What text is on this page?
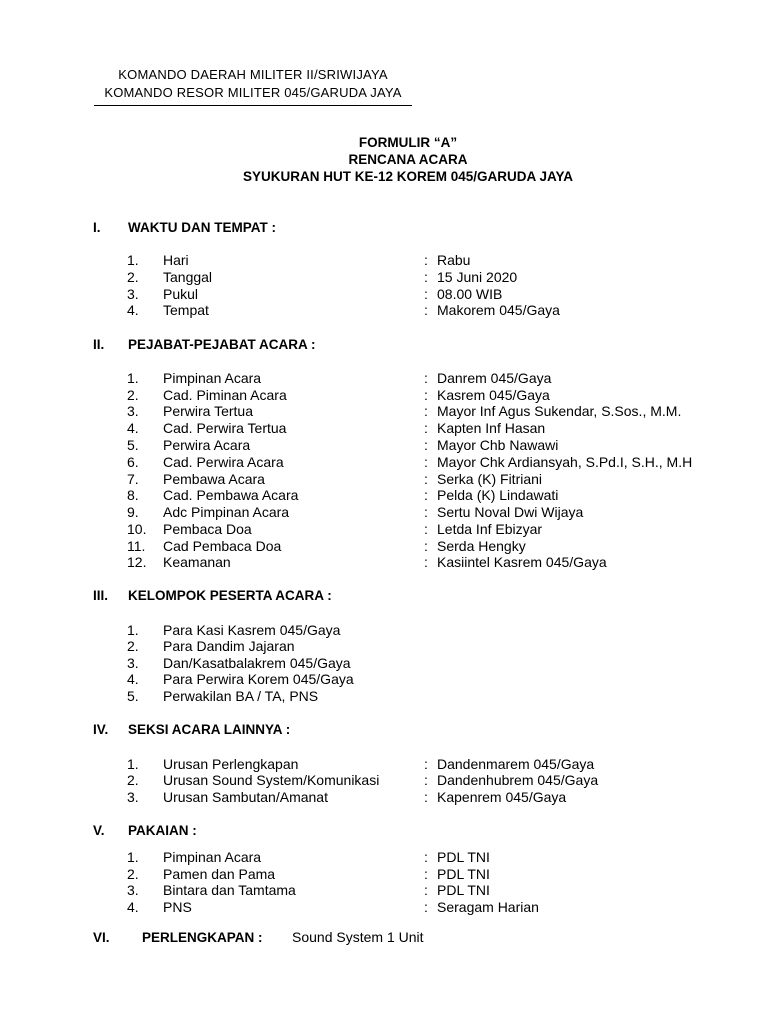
KOMANDO DAERAH MILITER II/SRIWIJAYA
KOMANDO RESOR MILITER 045/GARUDA JAYA
FORMULIR “A”
RENCANA ACARA
SYUKURAN HUT KE-12 KOREM 045/GARUDA JAYA
I. WAKTU DAN TEMPAT :
1. Hari	: Rabu
2. Tanggal	: 15 Juni 2020
3. Pukul	: 08.00 WIB
4. Tempat	: Makorem 045/Gaya
II. PEJABAT-PEJABAT ACARA :
1. Pimpinan Acara	: Danrem 045/Gaya
2. Cad. Piminan Acara	: Kasrem 045/Gaya
3. Perwira Tertua	: Mayor Inf Agus Sukendar, S.Sos., M.M.
4. Cad. Perwira Tertua	: Kapten Inf Hasan
5. Perwira Acara	: Mayor Chb Nawawi
6. Cad. Perwira Acara	: Mayor Chk Ardiansyah, S.Pd.I, S.H., M.H
7. Pembawa Acara	: Serka (K) Fitriani
8. Cad. Pembawa Acara	: Pelda (K) Lindawati
9. Adc Pimpinan Acara	: Sertu Noval Dwi Wijaya
10. Pembaca Doa	: Letda Inf Ebizyar
11. Cad Pembaca Doa	: Serda Hengky
12. Keamanan	: Kasiintel Kasrem 045/Gaya
III. KELOMPOK PESERTA ACARA :
1. Para Kasi Kasrem 045/Gaya
2. Para Dandim Jajaran
3. Dan/Kasatbalakrem 045/Gaya
4. Para Perwira Korem 045/Gaya
5. Perwakilan BA / TA, PNS
IV. SEKSI ACARA LAINNYA :
1. Urusan Perlengkapan	: Dandenmarem 045/Gaya
2. Urusan Sound System/Komunikasi	: Dandenhubrem 045/Gaya
3. Urusan Sambutan/Amanat	: Kapenrem 045/Gaya
V. PAKAIAN :
1. Pimpinan Acara	: PDL TNI
2. Pamen dan Pama	: PDL TNI
3. Bintara dan Tamtama	: PDL TNI
4. PNS	: Seragam Harian
VI. PERLENGKAPAN : Sound System 1 Unit
